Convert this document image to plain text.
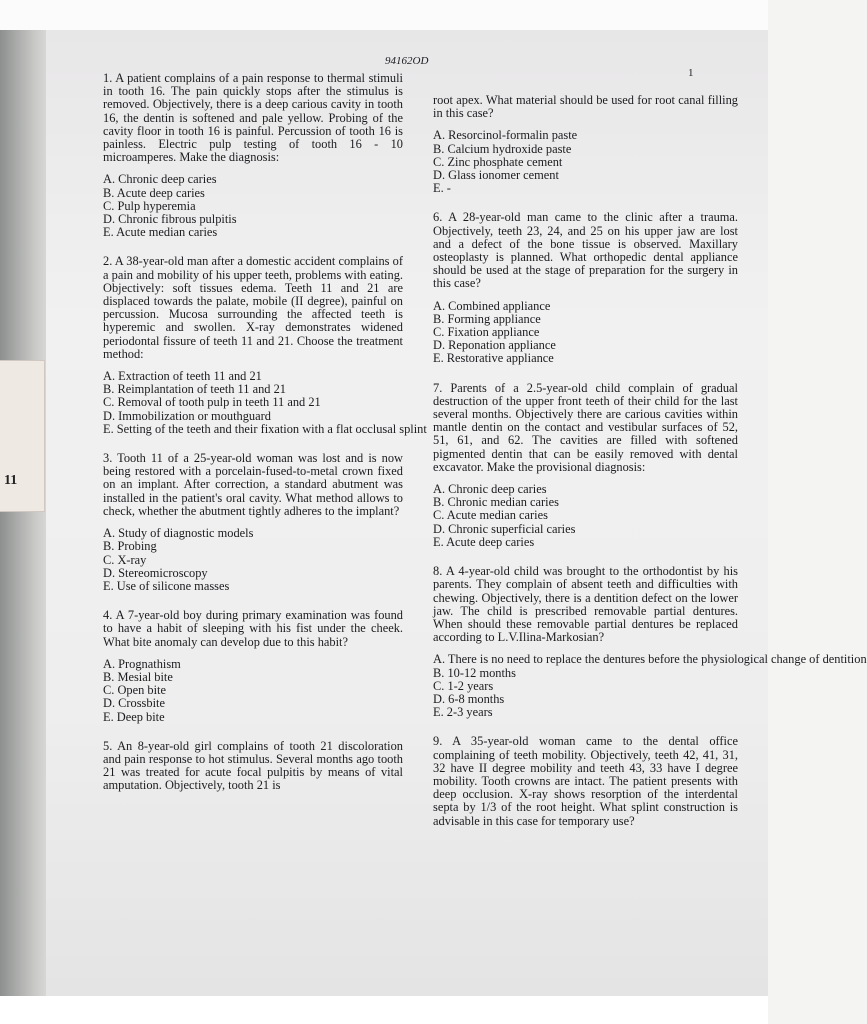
11
94162OD
1
1. A patient complains of a pain response to thermal stimuli in tooth 16. The pain quickly stops after the stimulus is removed. Objectively, there is a deep carious cavity in tooth 16, the dentin is softened and pale yellow. Probing of the cavity floor in tooth 16 is painful. Percussion of tooth 16 is painless. Electric pulp testing of tooth 16 - 10 microamperes. Make the diagnosis:
A. Chronic deep caries
B. Acute deep caries
C. Pulp hyperemia
D. Chronic fibrous pulpitis
E. Acute median caries
2. A 38-year-old man after a domestic accident complains of a pain and mobility of his upper teeth, problems with eating. Objectively: soft tissues edema. Teeth 11 and 21 are displaced towards the palate, mobile (II degree), painful on percussion. Mucosa surrounding the affected teeth is hyperemic and swollen. X-ray demonstrates widened periodontal fissure of teeth 11 and 21. Choose the treatment method:
A. Extraction of teeth 11 and 21
B. Reimplantation of teeth 11 and 21
C. Removal of tooth pulp in teeth 11 and 21
D. Immobilization or mouthguard
E. Setting of the teeth and their fixation with a flat occlusal splint
3. Tooth 11 of a 25-year-old woman was lost and is now being restored with a porcelain-fused-to-metal crown fixed on an implant. After correction, a standard abutment was installed in the patient's oral cavity. What method allows to check, whether the abutment tightly adheres to the implant?
A. Study of diagnostic models
B. Probing
C. X-ray
D. Stereomicroscopy
E. Use of silicone masses
4. A 7-year-old boy during primary examination was found to have a habit of sleeping with his fist under the cheek. What bite anomaly can develop due to this habit?
A. Prognathism
B. Mesial bite
C. Open bite
D. Crossbite
E. Deep bite
5. An 8-year-old girl complains of tooth 21 discoloration and pain response to hot stimulus. Several months ago tooth 21 was treated for acute focal pulpitis by means of vital amputation. Objectively, tooth 21 is
root apex. What material should be used for root canal filling in this case?
A. Resorcinol-formalin paste
B. Calcium hydroxide paste
C. Zinc phosphate cement
D. Glass ionomer cement
E. -
6. A 28-year-old man came to the clinic after a trauma. Objectively, teeth 23, 24, and 25 on his upper jaw are lost and a defect of the bone tissue is observed. Maxillary osteoplasty is planned. What orthopedic dental appliance should be used at the stage of preparation for the surgery in this case?
A. Combined appliance
B. Forming appliance
C. Fixation appliance
D. Reponation appliance
E. Restorative appliance
7. Parents of a 2.5-year-old child complain of gradual destruction of the upper front teeth of their child for the last several months. Objectively there are carious cavities within mantle dentin on the contact and vestibular surfaces of 52, 51, 61, and 62. The cavities are filled with softened pigmented dentin that can be easily removed with dental excavator. Make the provisional diagnosis:
A. Chronic deep caries
B. Chronic median caries
C. Acute median caries
D. Chronic superficial caries
E. Acute deep caries
8. A 4-year-old child was brought to the orthodontist by his parents. They complain of absent teeth and difficulties with chewing. Objectively, there is a dentition defect on the lower jaw. The child is prescribed removable partial dentures. When should these removable partial dentures be replaced according to L.V.Ilina-Markosian?
A. There is no need to replace the dentures before the physiological change of dentition
B. 10-12 months
C. 1-2 years
D. 6-8 months
E. 2-3 years
9. A 35-year-old woman came to the dental office complaining of teeth mobility. Objectively, teeth 42, 41, 31, 32 have II degree mobility and teeth 43, 33 have I degree mobility. Tooth crowns are intact. The patient presents with deep occlusion. X-ray shows resorption of the interdental septa by 1/3 of the root height. What splint construction is advisable in this case for temporary use?
